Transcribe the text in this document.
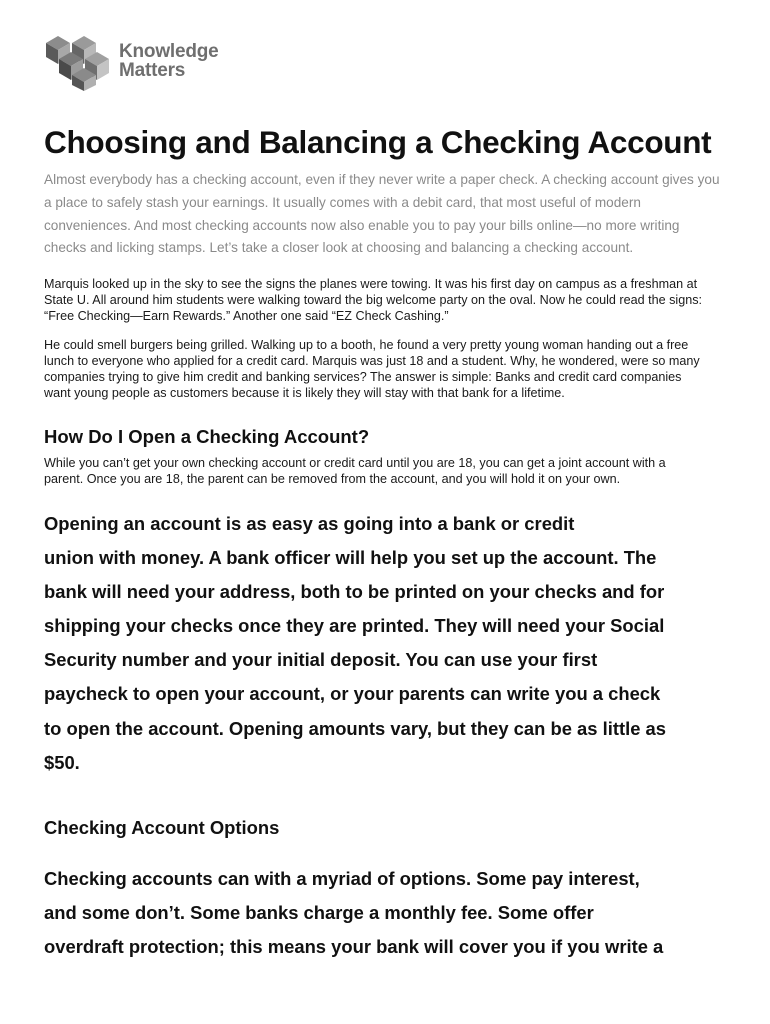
Knowledge
Matters
Choosing and Balancing a Checking Account

Almost everybody has a checking account, even if they never write a paper check. A checking account gives you
a place to safely stash your earnings. It usually comes with a debit card, that most useful of modern
conveniences. And most checking accounts now also enable you to pay your bills online—no more writing
checks and licking stamps. Let’s take a closer look at choosing and balancing a checking account.

Marquis looked up in the sky to see the signs the planes were towing. It was his first day on campus as a freshman at
State U. All around him students were walking toward the big welcome party on the oval. Now he could read the signs:
“Free Checking—Earn Rewards.” Another one said “EZ Check Cashing.”

He could smell burgers being grilled. Walking up to a booth, he found a very pretty young woman handing out a free
lunch to everyone who applied for a credit card. Marquis was just 18 and a student. Why, he wondered, were so many
companies trying to give him credit and banking services? The answer is simple: Banks and credit card companies
want young people as customers because it is likely they will stay with that bank for a lifetime.

How Do I Open a Checking Account?

While you can’t get your own checking account or credit card until you are 18, you can get a joint account with a
parent. Once you are 18, the parent can be removed from the account, and you will hold it on your own.

Opening an account is as easy as going into a bank or credit
union with money. A bank officer will help you set up the account. The
bank will need your address, both to be printed on your checks and for
shipping your checks once they are printed. They will need your Social
Security number and your initial deposit. You can use your first
paycheck to open your account, or your parents can write you a check
to open the account. Opening amounts vary, but they can be as little as
$50.

Checking Account Options

Checking accounts can with a myriad of options. Some pay interest,
and some don’t. Some banks charge a monthly fee. Some offer
overdraft protection; this means your bank will cover you if you write a
